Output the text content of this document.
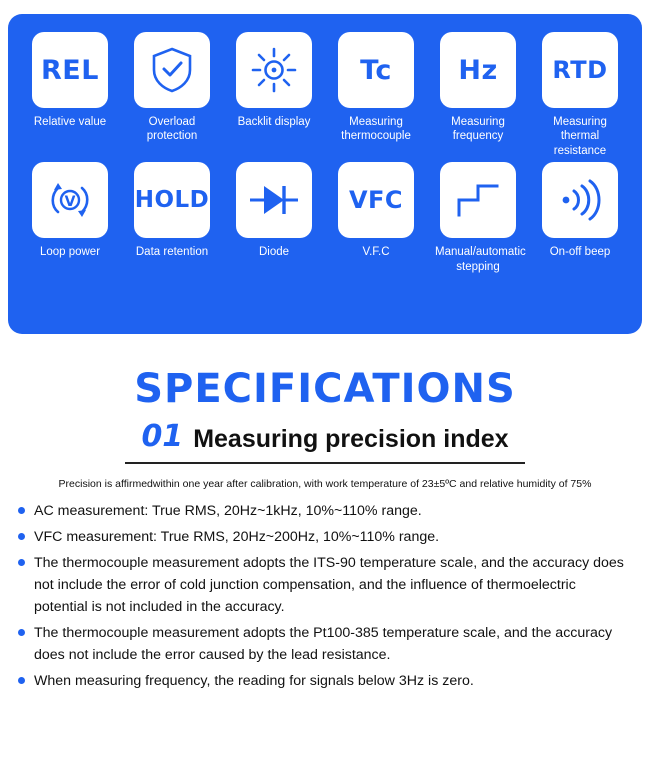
REL
Relative value	Overload protection
Backlit display
Tc
Measuring thermocouple
Hz
Measuring frequency
RTD
Measuring thermal resistance
V
Loop power
HOLD
Data retention	Diode
VFC
V.F.C	Manual/automatic stepping
On-off beep
SPECIFICATIONS
01 Measuring precision index
Precision is affirmedwithin one year after calibration, with work temperature of 23±5ºC and relative humidity of 75%
AC measurement: True RMS, 20Hz~1kHz, 10%~110% range.
VFC measurement: True RMS, 20Hz~200Hz, 10%~110% range.
The thermocouple measurement adopts the ITS-90 temperature scale, and the accuracy does not include the error of cold junction compensation, and the influence of thermoelectric potential is not included in the accuracy.
The thermocouple measurement adopts the Pt100-385 temperature scale, and the accuracy does not include the error caused by the lead resistance.
When measuring frequency, the reading for signals below 3Hz is zero.
